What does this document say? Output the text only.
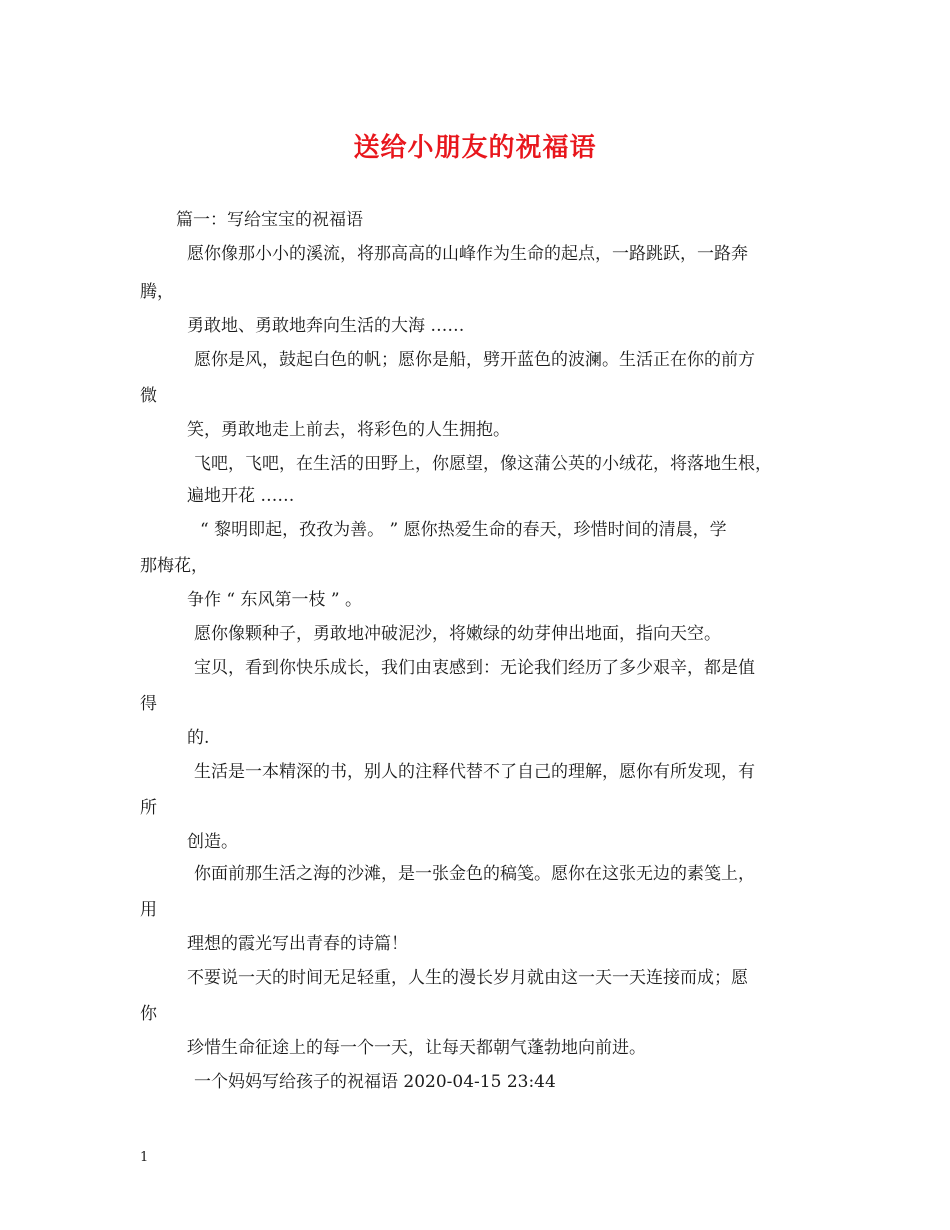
送给小朋友的祝福语
篇一：写给宝宝的祝福语
愿你像那小小的溪流，将那高高的山峰作为生命的起点，一路跳跃，一路奔
腾，
勇敢地、勇敢地奔向生活的大海 ……
愿你是风，鼓起白色的帆；愿你是船，劈开蓝色的波澜。生活正在你的前方
微
笑，勇敢地走上前去，将彩色的人生拥抱。
飞吧，飞吧，在生活的田野上，你愿望，像这蒲公英的小绒花，将落地生根，
遍地开花 ……
“ 黎明即起，孜孜为善。 ” 愿你热爱生命的春天，珍惜时间的清晨，学
那梅花，
争作 “ 东风第一枝 ” 。
愿你像颗种子，勇敢地冲破泥沙，将嫩绿的幼芽伸出地面，指向天空。
宝贝，看到你快乐成长，我们由衷感到：无论我们经历了多少艰辛，都是值
得
的.
生活是一本精深的书，别人的注释代替不了自己的理解，愿你有所发现，有
所
创造。
你面前那生活之海的沙滩，是一张金色的稿笺。愿你在这张无边的素笺上，
用
理想的霞光写出青春的诗篇！
不要说一天的时间无足轻重，人生的漫长岁月就由这一天一天连接而成；愿
你
珍惜生命征途上的每一个一天，让每天都朝气蓬勃地向前进。
一个妈妈写给孩子的祝福语 2020-04-15 23:44
1
